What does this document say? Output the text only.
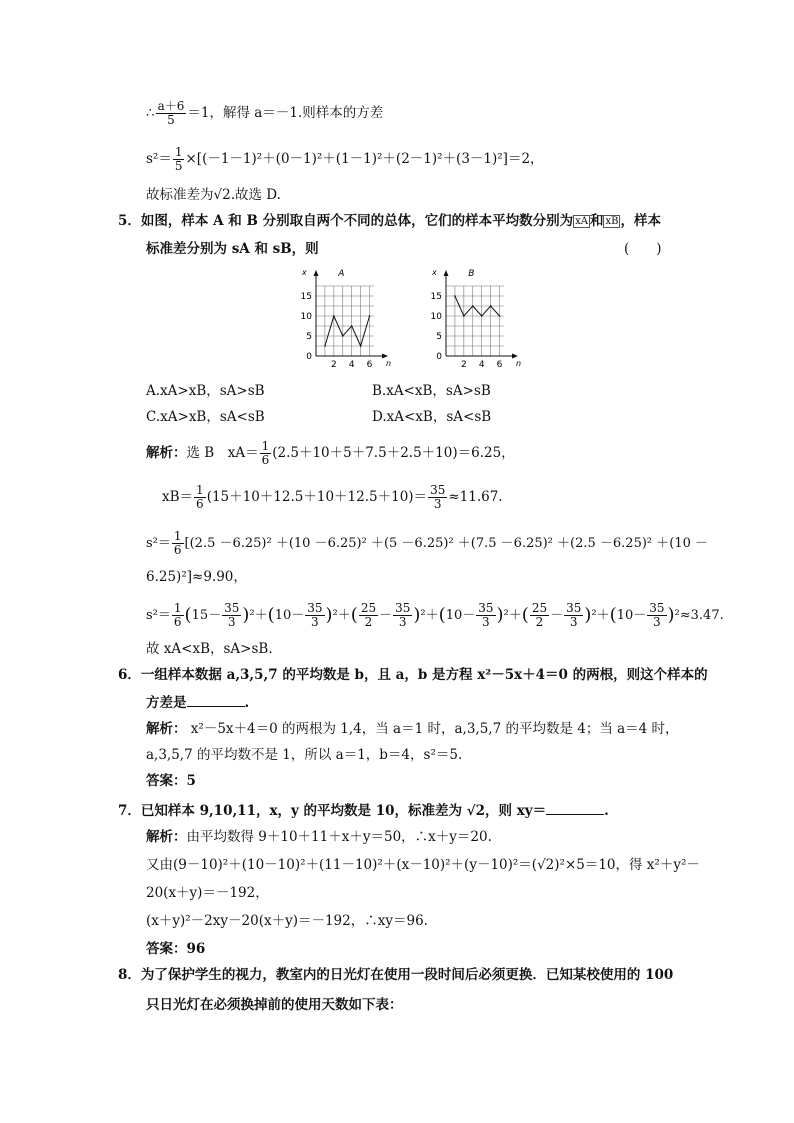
∴ $\frac{a+6}{5} =1$，解得 a＝－1.则样本的方差
$s^2= \frac{1}{5} \times[(-1-1)^2+(0-1)^2+(1-1)^2+(2-1)^2+(3-1)^2]=2$，
故标准差为√2.故选 D.
5．如图，样本 A 和 B 分别取自两个不同的总体，它们的样本平均数分别为 xA 和 xB ，样本
标准差分别为 sA 和 sB，则	(　　)
x
n
A
0
5
10
15
2 4 6
x
n
B
0
5
10
15
2 4 6
A.xA>xB，sA>sB	B.xA<xB，sA>sB
C.xA>xB，sA<sB	D.xA<xB，sA<sB
解析：选 B　$xA= \frac{1}{6} (2.5+10+5+7.5+2.5+10)=6.25$，
$xB= \frac{1}{6} (15+10+12.5+10+12.5+10)= \frac{35}{3} \approx 11.67$.
$s^2= \frac{1}{6} [(2.5 -6.25)^2 +(10 -6.25)^2 +(5 -6.25)^2 +(7.5 -6.25)^2 +(2.5 -6.25)^2 +(10$ －
6.25)²]≈9.90，
$s^2= \frac{1}{6} (15- \frac{35}{3} )^2+(10- \frac{35}{3} )^2+( \frac{25}{2} - \frac{35}{3} )^2+(10- \frac{35}{3} )^2+( \frac{25}{2} - \frac{35}{3} )^2+(10- \frac{35}{3} )^2\approx 3.47$.
故 xA<xB，sA>sB.
6．一组样本数据 a,3,5,7 的平均数是 b，且 a，b 是方程 x²－5x＋4＝0 的两根，则这个样本的
方差是	.
解析： x²－5x＋4＝0 的两根为 1,4，当 a＝1 时，a,3,5,7 的平均数是 4；当 a＝4 时，
a,3,5,7 的平均数不是 1，所以 a＝1，b＝4，s²＝5.
答案：5
7．已知样本 9,10,11，x，y 的平均数是 10，标准差为 √2，则 xy＝	.
解析：由平均数得 9＋10＋11＋x＋y＝50，∴x＋y＝20.
又由(9－10)²＋(10－10)²＋(11－10)²＋(x－10)²＋(y－10)²＝(√2)²×5＝10，得 x²＋y²－
20(x＋y)＝－192，
(x＋y)²－2xy－20(x＋y)＝－192，∴xy＝96.
答案：96
8．为了保护学生的视力，教室内的日光灯在使用一段时间后必须更换．已知某校使用的 100
只日光灯在必须换掉前的使用天数如下表：
